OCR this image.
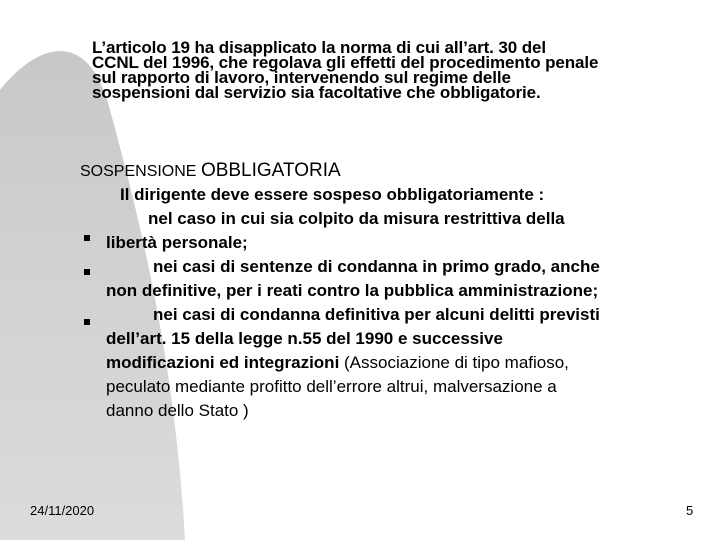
L’articolo 19 ha disapplicato la norma di cui all’art. 30 del
CCNL del 1996, che regolava gli effetti del procedimento penale
sul rapporto di lavoro, intervenendo sul regime delle
sospensioni dal servizio sia facoltative che obbligatorie.
SOSPENSIONE OBBLIGATORIA
Il dirigente deve essere sospeso obbligatoriamente :
nel caso in cui sia colpito da misura restrittiva della
libertà personale;
nei casi di sentenze di condanna in primo grado, anche
non definitive, per i reati contro la pubblica amministrazione;
nei casi di condanna definitiva per alcuni delitti previsti
dell’art. 15 della legge n.55 del 1990 e successive
modificazioni ed integrazioni (Associazione di tipo mafioso,
peculato mediante profitto dell’errore altrui, malversazione a
danno dello Stato )
24/11/2020	5
